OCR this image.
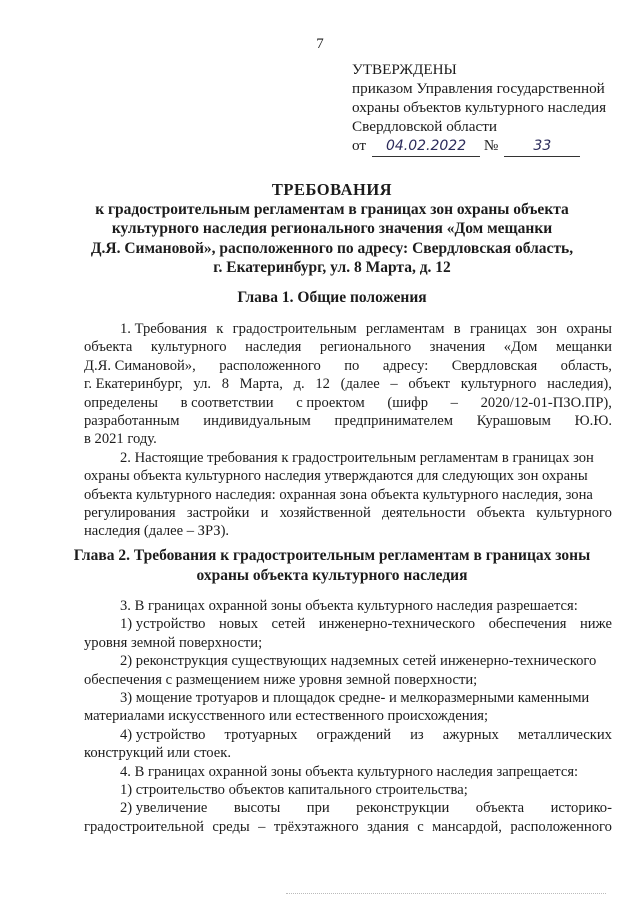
7
УТВЕРЖДЕНЫ
приказом Управления государственной
охраны объектов культурного наследия
Свердловской области
от 04.02.2022 №	33
ТРЕБОВАНИЯ
к градостроительным регламентам в границах зон охраны объекта
культурного наследия регионального значения «Дом мещанки
Д.Я. Симановой», расположенного по адресу: Свердловская область,
г. Екатеринбург, ул. 8 Марта, д. 12
Глава 1. Общие положения
1. Требования к градостроительным регламентам в границах зон охраны
объекта культурного наследия регионального значения «Дом мещанки
Д.Я. Симановой», расположенного по адресу: Свердловская область,
г. Екатеринбург, ул. 8 Марта, д. 12 (далее – объект культурного наследия),
определены в соответствии с проектом (шифр – 2020/12-01-ПЗО.ПР),
разработанным индивидуальным предпринимателем Курашовым Ю.Ю.
в 2021 году.
2. Настоящие требования к градостроительным регламентам в границах зон
охраны объекта культурного наследия утверждаются для следующих зон охраны
объекта культурного наследия: охранная зона объекта культурного наследия, зона
регулирования застройки и хозяйственной деятельности объекта культурного
наследия (далее – ЗРЗ).
Глава 2. Требования к градостроительным регламентам в границах зоны
охраны объекта культурного наследия
3. В границах охранной зоны объекта культурного наследия разрешается:
1) устройство новых сетей инженерно-технического обеспечения ниже
уровня земной поверхности;
2) реконструкция существующих надземных сетей инженерно-технического
обеспечения с размещением ниже уровня земной поверхности;
3) мощение тротуаров и площадок средне- и мелкоразмерными каменными
материалами искусственного или естественного происхождения;
4) устройство тротуарных ограждений из ажурных металлических
конструкций или стоек.
4. В границах охранной зоны объекта культурного наследия запрещается:
1) строительство объектов капитального строительства;
2) увеличение высоты при реконструкции объекта историко-
градостроительной среды – трёхэтажного здания с мансардой, расположенного
